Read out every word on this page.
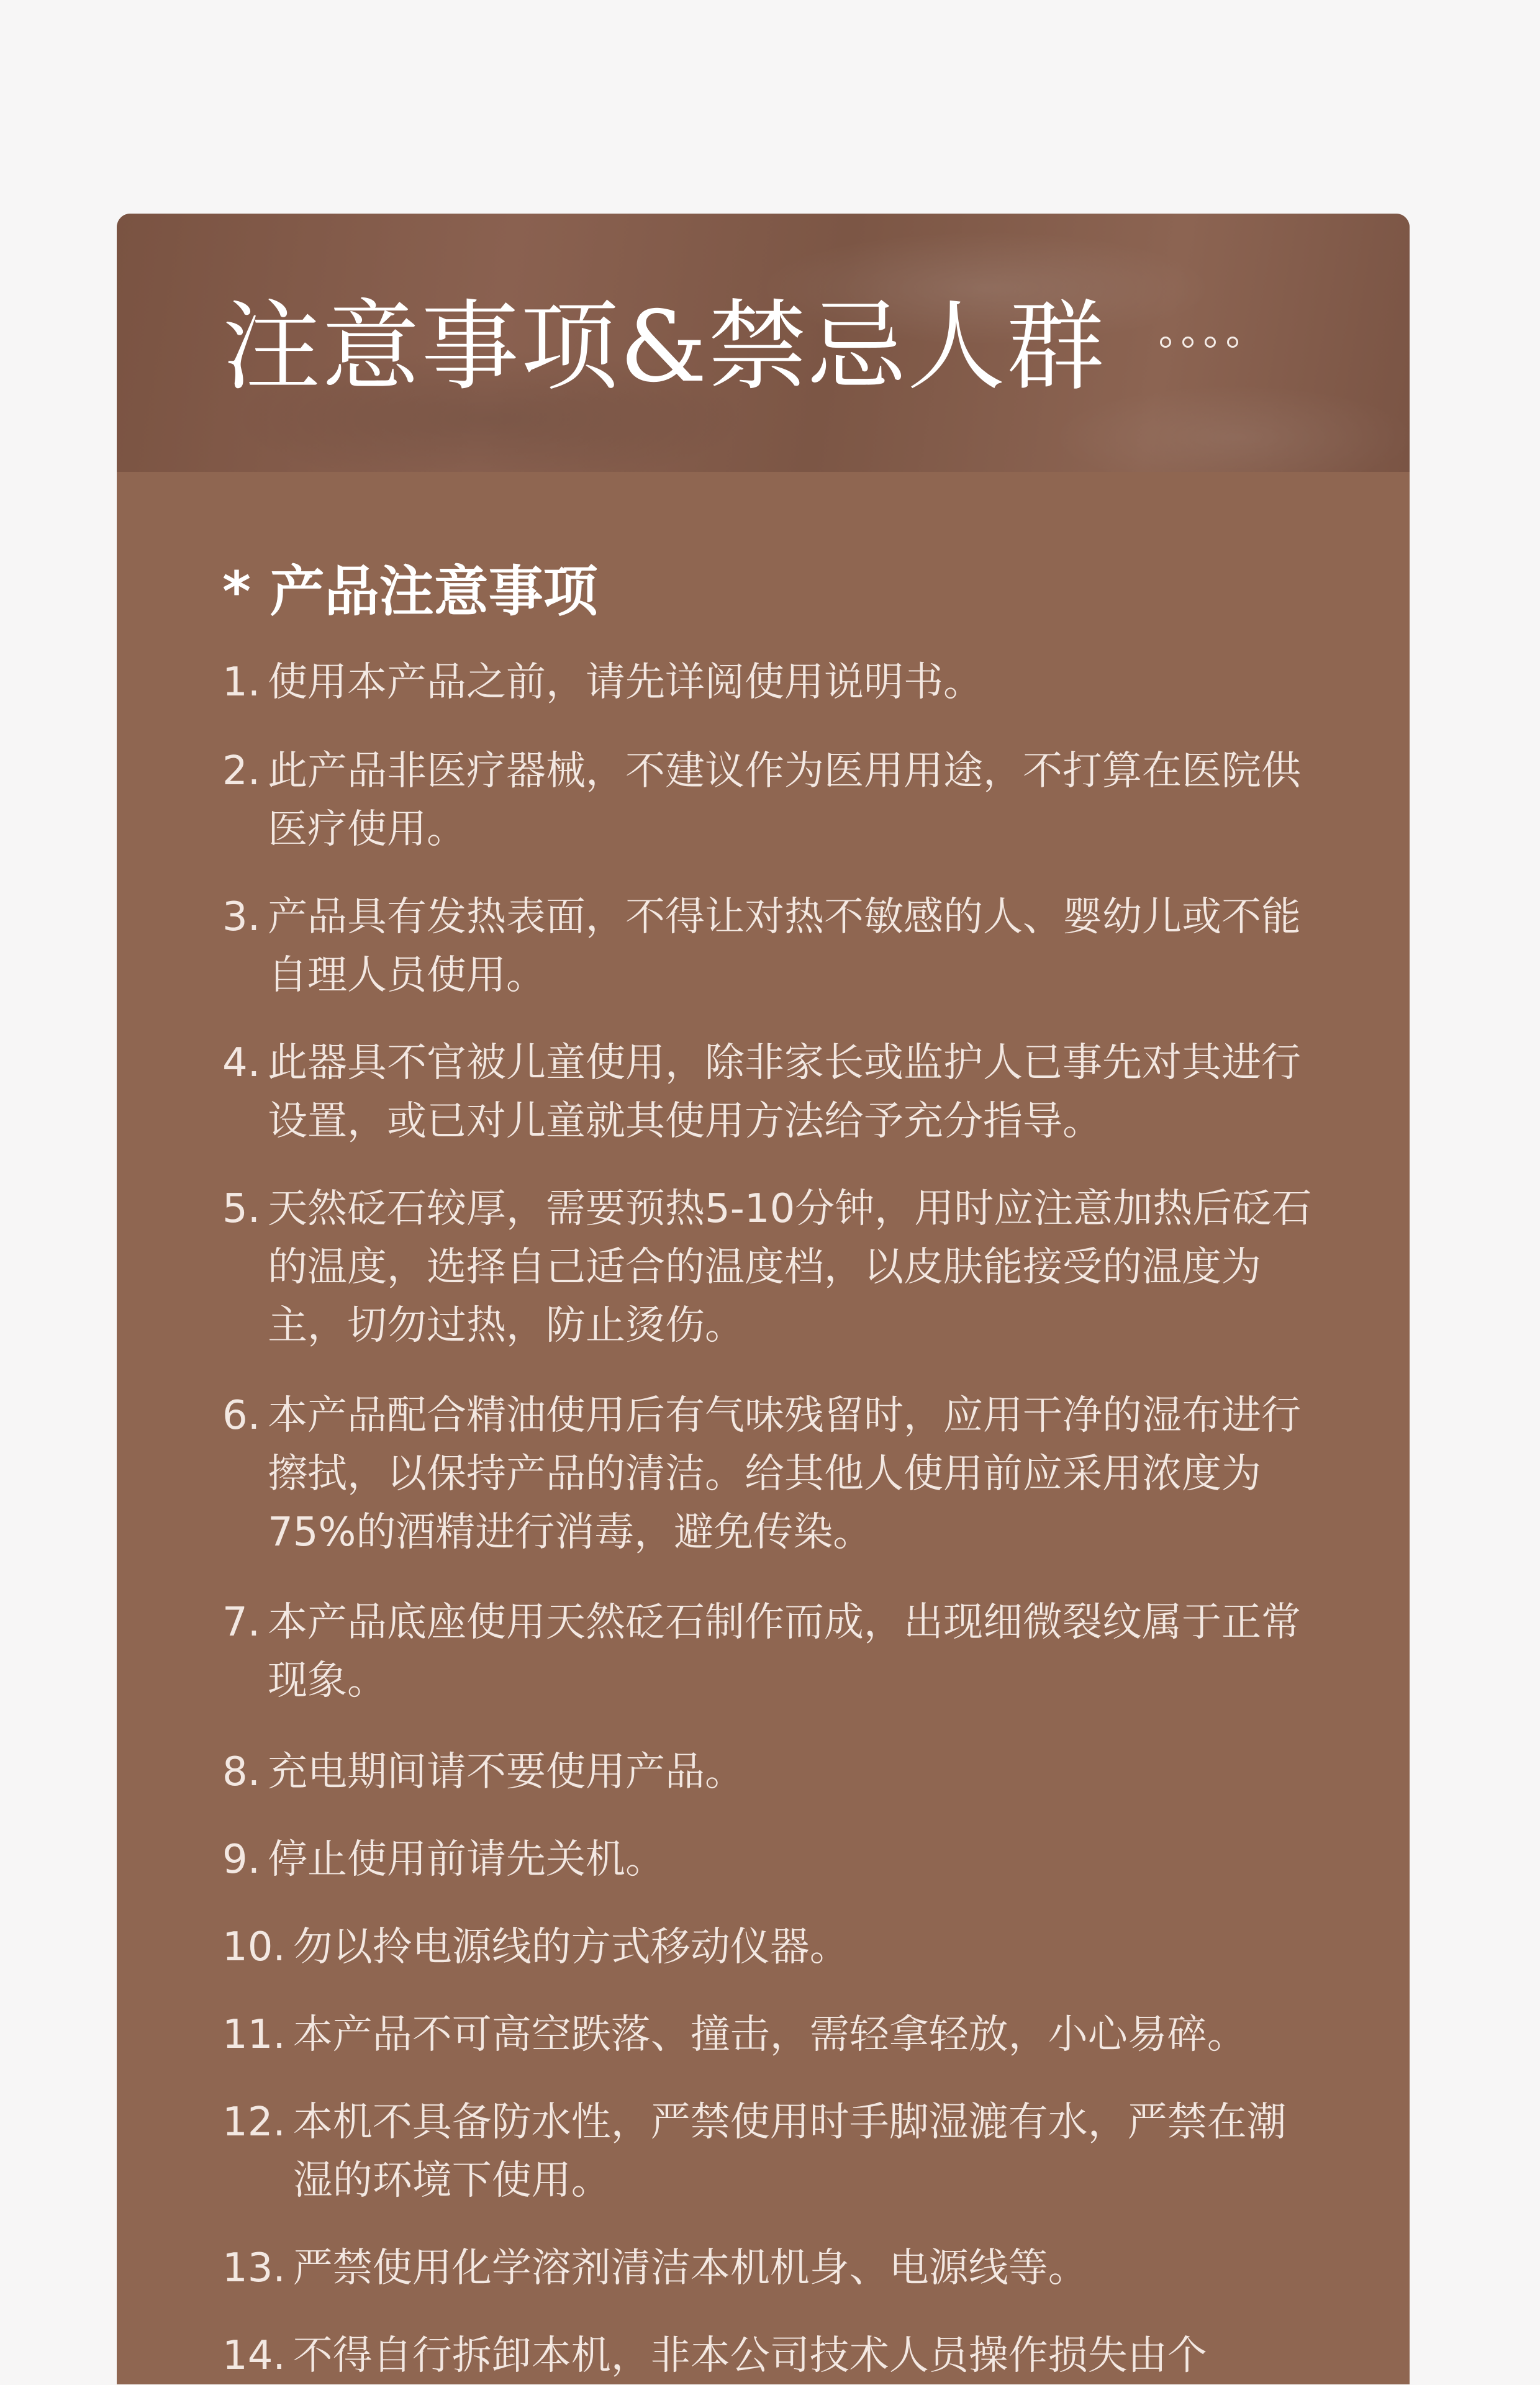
注意事项&禁忌人群
* 产品注意事项
1. 使用本产品之前，请先详阅使用说明书。
2. 此产品非医疗器械，不建议作为医用用途，不打算在医院供医疗使用。
3. 产品具有发热表面，不得让对热不敏感的人、婴幼儿或不能自理人员使用。
4. 此器具不官被儿童使用，除非家长或监护人已事先对其进行设置，或已对儿童就其使用方法给予充分指导。
5. 天然砭石较厚，需要预热5-10分钟，用时应注意加热后砭石的温度，选择自己适合的温度档，以皮肤能接受的温度为主，切勿过热，防止烫伤。
6. 本产品配合精油使用后有气味残留时，应用干净的湿布进行擦拭，以保持产品的清洁。给其他人使用前应采用浓度为75%的酒精进行消毒，避免传染。
7. 本产品底座使用天然砭石制作而成，出现细微裂纹属于正常现象。
8. 充电期间请不要使用产品。
9. 停止使用前请先关机。
10. 勿以拎电源线的方式移动仪器。
11. 本产品不可高空跌落、撞击，需轻拿轻放，小心易碎。
12. 本机不具备防水性，严禁使用时手脚湿漉有水，严禁在潮湿的环境下使用。
13. 严禁使用化学溶剂清洁本机机身、电源线等。
14. 不得自行拆卸本机，非本公司技术人员操作损失由个
